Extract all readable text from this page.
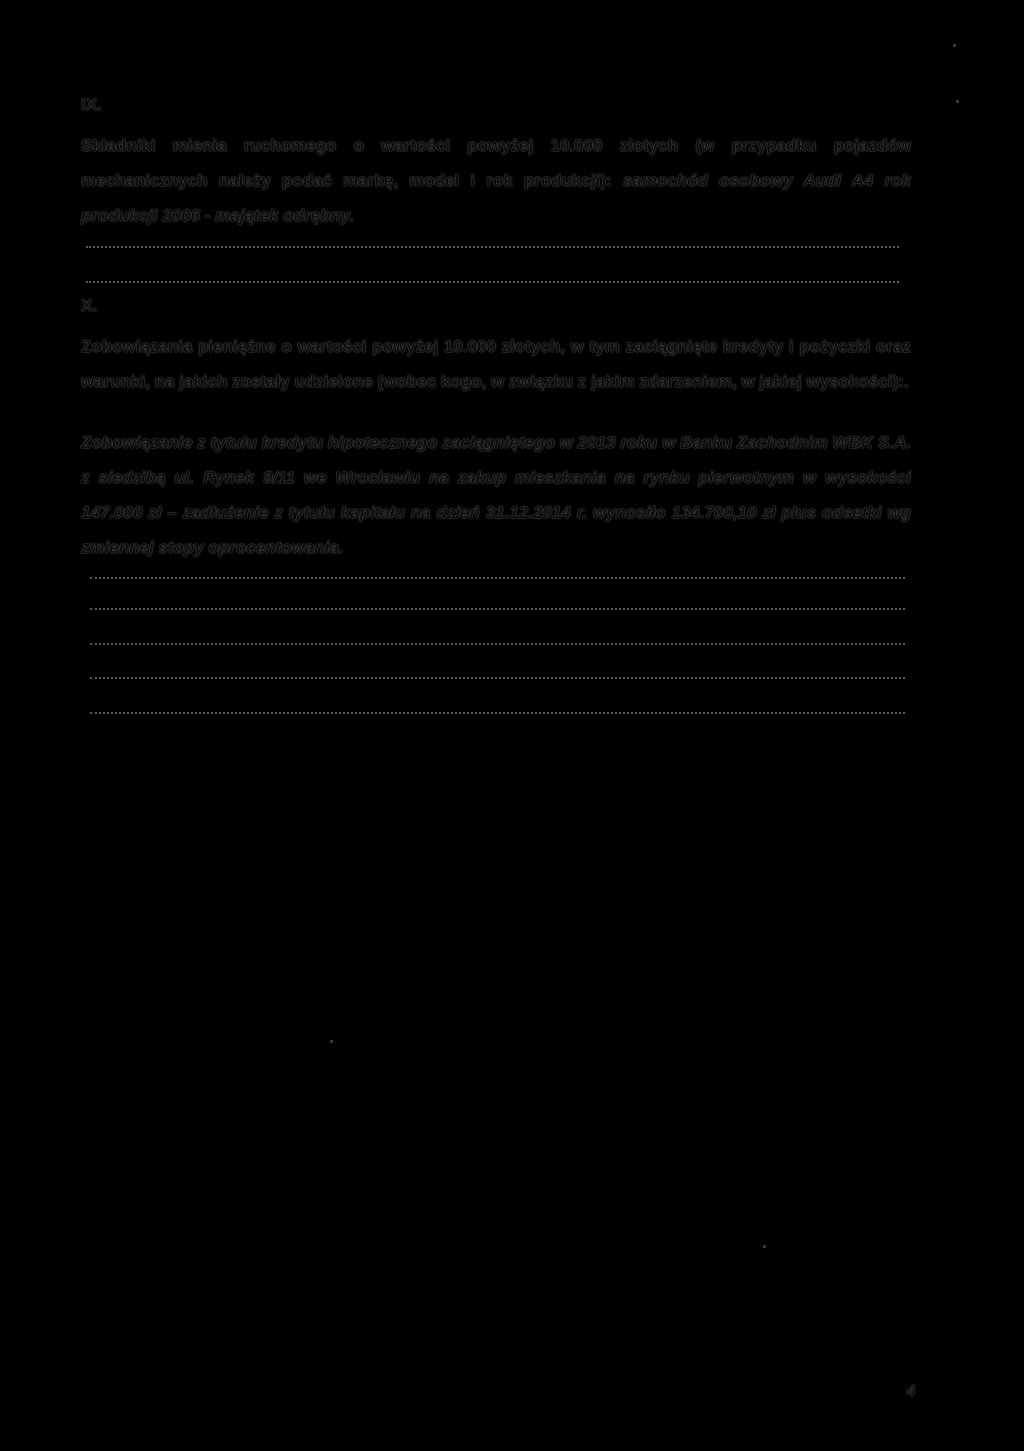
IX.
Składniki mienia ruchomego o wartości powyżej 10.000 złotych (w przypadku pojazdów mechanicznych należy podać markę, model i rok produkcji): samochód osobowy Audi A4 rok produkcji 2006 - majątek odrębny.
X.
Zobowiązania pieniężne o wartości powyżej 10.000 złotych, w tym zaciągnięte kredyty i pożyczki oraz warunki, na jakich zostały udzielone (wobec kogo, w związku z jakim zdarzeniem, w jakiej wysokości):.
Zobowiązanie z tytułu kredytu hipotecznego zaciągniętego w 2013 roku w Banku Zachodnim WBK S.A. z siedzibą ul. Rynek 9/11 we Wrocławiu na zakup mieszkania na rynku pierwotnym w wysokości 147.000 zł – zadłużenie z tytułu kapitału na dzień 31.12.2014 r. wynosiło 134.700,10 zł plus odsetki wg zmiennej stopy oprocentowania.
4
